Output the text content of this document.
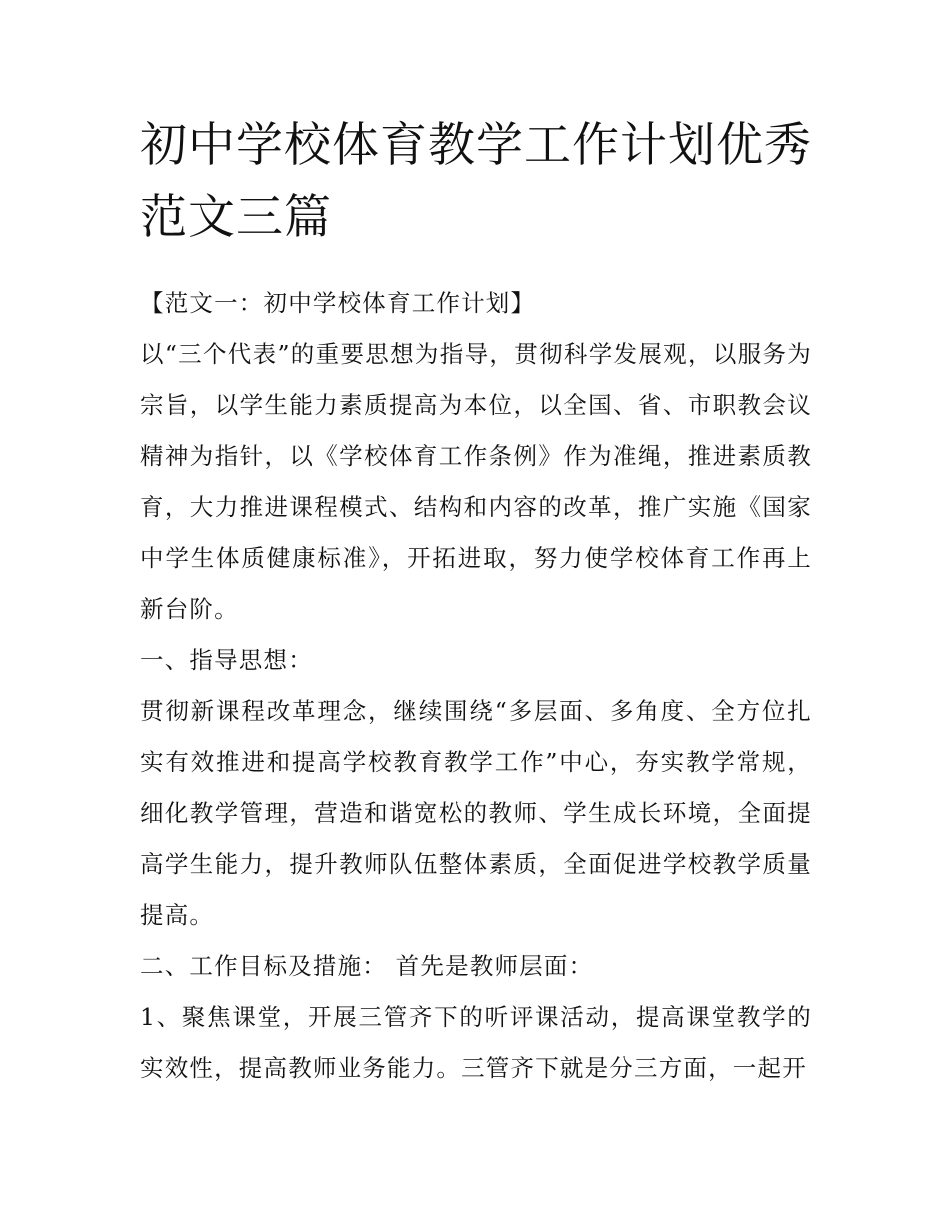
初中学校体育教学工作计划优秀范文三篇

【范文一：初中学校体育工作计划】

以“三个代表”的重要思想为指导，贯彻科学发展观，以服务为宗旨，以学生能力素质提高为本位，以全国、省、市职教会议精神为指针，以《学校体育工作条例》作为准绳，推进素质教育，大力推进课程模式、结构和内容的改革，推广实施《国家中学生体质健康标准》，开拓进取，努力使学校体育工作再上新台阶。

一、指导思想：

贯彻新课程改革理念，继续围绕“多层面、多角度、全方位扎实有效推进和提高学校教育教学工作”中心，夯实教学常规，细化教学管理，营造和谐宽松的教师、学生成长环境，全面提高学生能力，提升教师队伍整体素质，全面促进学校教学质量提高。

二、工作目标及措施： 首先是教师层面：

1、聚焦课堂，开展三管齐下的听评课活动，提高课堂教学的实效性，提高教师业务能力。三管齐下就是分三方面，一起开
